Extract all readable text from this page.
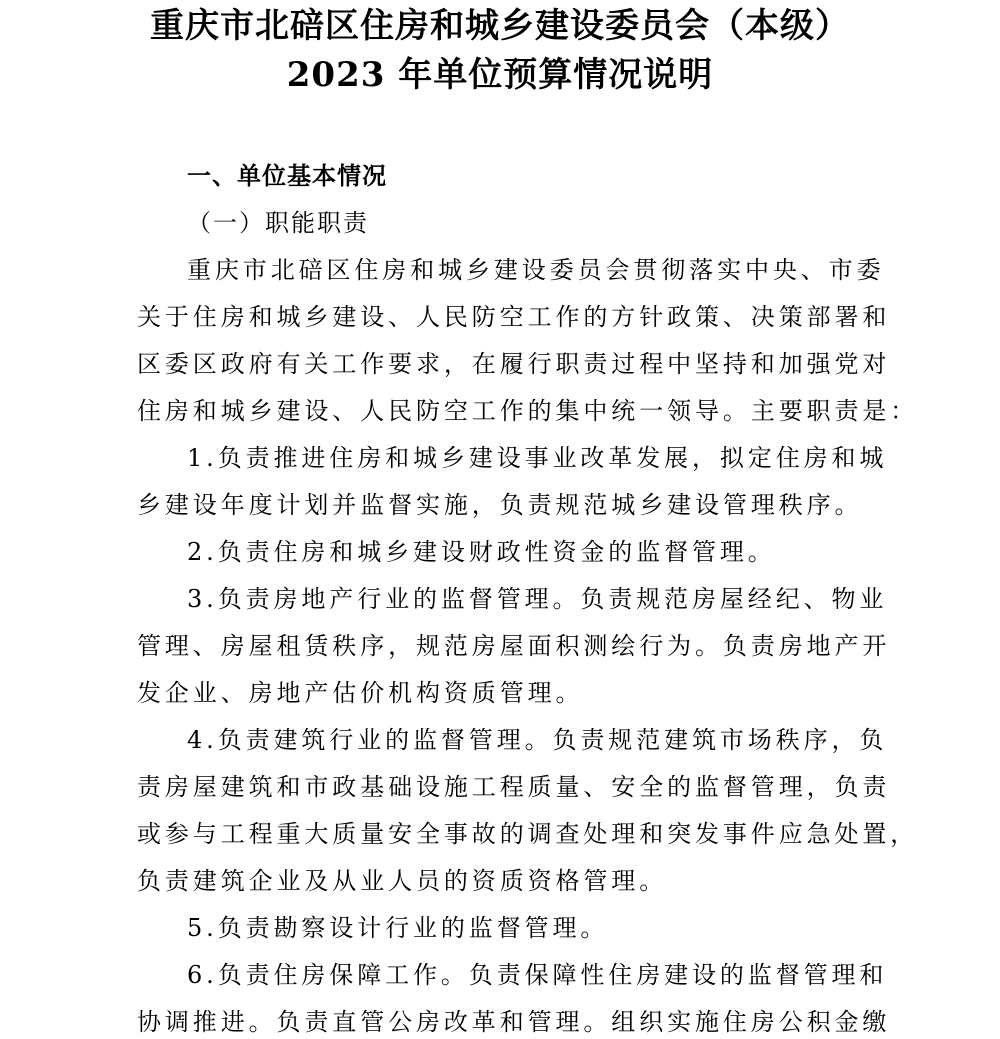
重庆市北碚区住房和城乡建设委员会（本级）
2023 年单位预算情况说明
一、单位基本情况
（一）职能职责
重庆市北碚区住房和城乡建设委员会贯彻落实中央、市委
关于住房和城乡建设、人民防空工作的方针政策、决策部署和
区委区政府有关工作要求，在履行职责过程中坚持和加强党对
住房和城乡建设、人民防空工作的集中统一领导。主要职责是：
1.负责推进住房和城乡建设事业改革发展，拟定住房和城
乡建设年度计划并监督实施，负责规范城乡建设管理秩序。
2.负责住房和城乡建设财政性资金的监督管理。
3.负责房地产行业的监督管理。负责规范房屋经纪、物业
管理、房屋租赁秩序，规范房屋面积测绘行为。负责房地产开
发企业、房地产估价机构资质管理。
4.负责建筑行业的监督管理。负责规范建筑市场秩序，负
责房屋建筑和市政基础设施工程质量、安全的监督管理，负责
或参与工程重大质量安全事故的调查处理和突发事件应急处置，
负责建筑企业及从业人员的资质资格管理。
5.负责勘察设计行业的监督管理。
6.负责住房保障工作。负责保障性住房建设的监督管理和
协调推进。负责直管公房改革和管理。组织实施住房公积金缴
